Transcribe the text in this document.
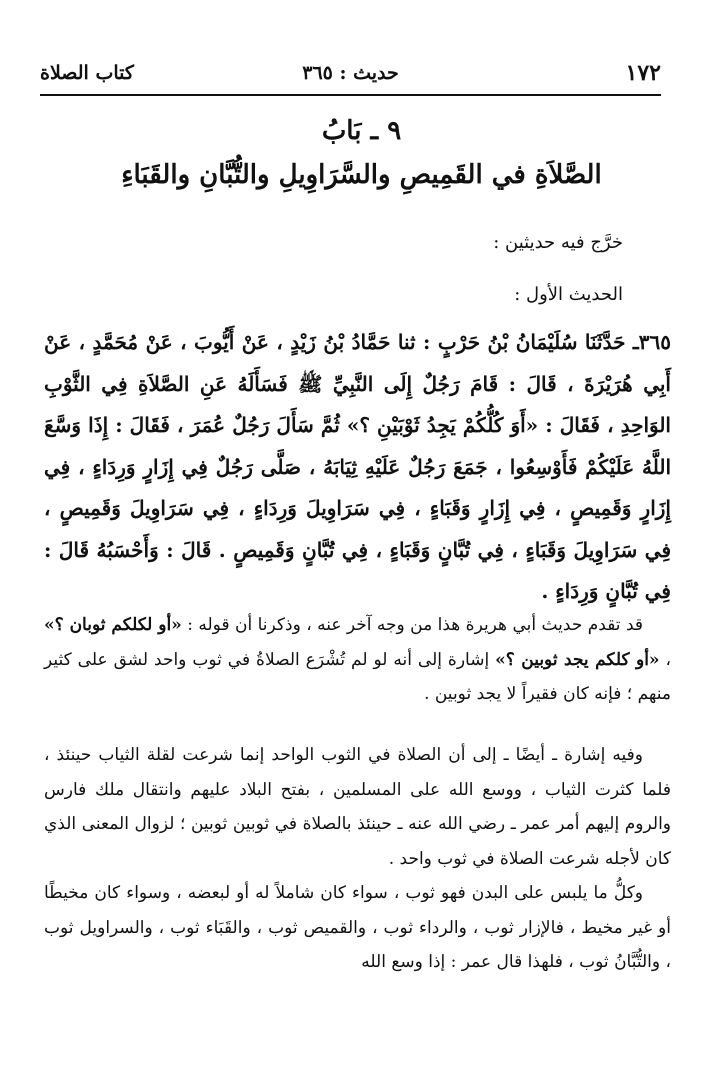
١٧٢
حديث : ٣٦٥
كتاب الصلاة
٩ ـ بَابُ
الصَّلاَةِ في القَمِيصِ والسَّرَاوِيلِ والتُّبَّانِ والقَبَاءِ
خرَّج فيه حديثين :
الحديث الأول :
٣٦٥ـ حَدَّثَنَا سُلَيْمَانُ بْنُ حَرْبٍ : ثنا حَمَّادُ بْنُ زَيْدٍ ، عَنْ أَيُّوبَ ، عَنْ مُحَمَّدٍ ، عَنْ أَبِي هُرَيْرَةَ ، قَالَ : قَامَ رَجُلٌ إِلَى النَّبِيِّ ﷺ فَسَأَلَهُ عَنِ الصَّلاَةِ فِي الثَّوْبِ الوَاحِدِ ، فَقَالَ : «أَوَ كُلُّكُمْ يَجِدُ ثَوْبَيْنِ ؟» ثُمَّ سَأَلَ رَجُلٌ عُمَرَ ، فَقَالَ : إِذَا وَسَّعَ اللَّهُ عَلَيْكُمْ فَأَوْسِعُوا ، جَمَعَ رَجُلٌ عَلَيْهِ ثِيَابَهُ ، صَلَّى رَجُلٌ فِي إِزَارٍ وَرِدَاءٍ ، فِي إِزَارٍ وَقَمِيصٍ ، فِي إِزَارٍ وَقَبَاءٍ ، فِي سَرَاوِيلَ وَرِدَاءٍ ، فِي سَرَاوِيلَ وَقَمِيصٍ ، فِي سَرَاوِيلَ وَقَبَاءٍ ، فِي تُبَّانٍ وَقَبَاءٍ ، فِي تُبَّانٍ وَقَمِيصٍ . قَالَ : وَأَحْسَبُهُ قَالَ : فِي تُبَّانٍ وَرِدَاءٍ .
قد تقدم حديث أبي هريرة هذا من وجه آخر عنه ، وذكرنا أن قوله : «أو لكلكم ثوبان ؟» ، «أو كلكم يجد ثوبين ؟» إشارة إلى أنه لو لم تُشْرَع الصلاةُ في ثوب واحد لشق على كثير منهم ؛ فإنه كان فقيراً لا يجد ثوبين .
وفيه إشارة ـ أيضًا ـ إلى أن الصلاة في الثوب الواحد إنما شرعت لقلة الثياب حينئذ ، فلما كثرت الثياب ، ووسع الله على المسلمين ، بفتح البلاد عليهم وانتقال ملك فارس والروم إليهم أمر عمر ـ رضي الله عنه ـ حينئذ بالصلاة في ثوبين ثوبين ؛ لزوال المعنى الذي كان لأجله شرعت الصلاة في ثوب واحد .
وكلُّ ما يلبس على البدن فهو ثوب ، سواء كان شاملاً له أو لبعضه ، وسواء كان مخيطًا أو غير مخيط ، فالإزار ثوب ، والرداء ثوب ، والقميص ثوب ، والقَبَاء ثوب ، والسراويل ثوب ، والتُّبَّانُ ثوب ، فلهذا قال عمر : إذا وسع الله
